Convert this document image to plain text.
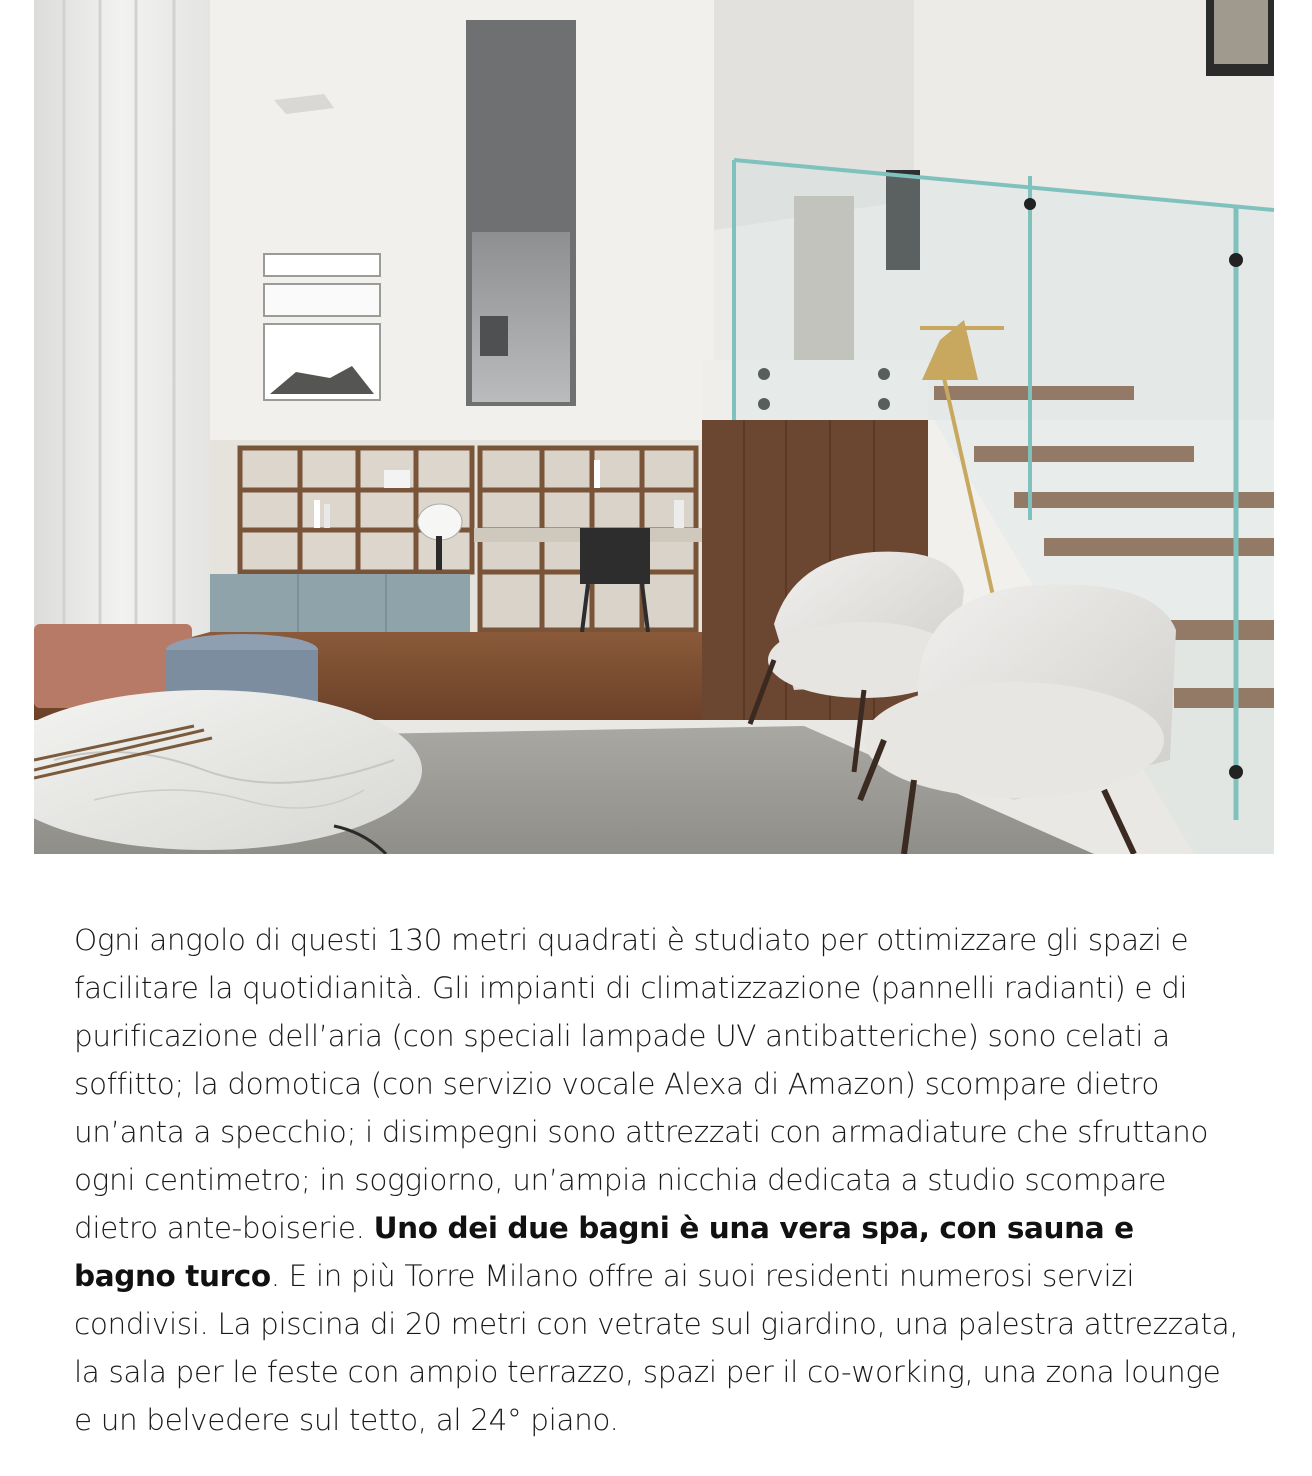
Ogni angolo di questi 130 metri quadrati è studiato per ottimizzare gli spazi e facilitare la quotidianità. Gli impianti di climatizzazione (pannelli radianti) e di purificazione dell’aria (con speciali lampade UV antibatteriche) sono celati a soffitto; la domotica (con servizio vocale Alexa di Amazon) scompare dietro un’anta a specchio; i disimpegni sono attrezzati con armadiature che sfruttano ogni centimetro; in soggiorno, un’ampia nicchia dedicata a studio scompare dietro ante-boiserie. Uno dei due bagni è una vera spa, con sauna e bagno turco. E in più Torre Milano offre ai suoi residenti numerosi servizi condivisi. La piscina di 20 metri con vetrate sul giardino, una palestra attrezzata, la sala per le feste con ampio terrazzo, spazi per il co-working, una zona lounge e un belvedere sul tetto, al 24° piano.
